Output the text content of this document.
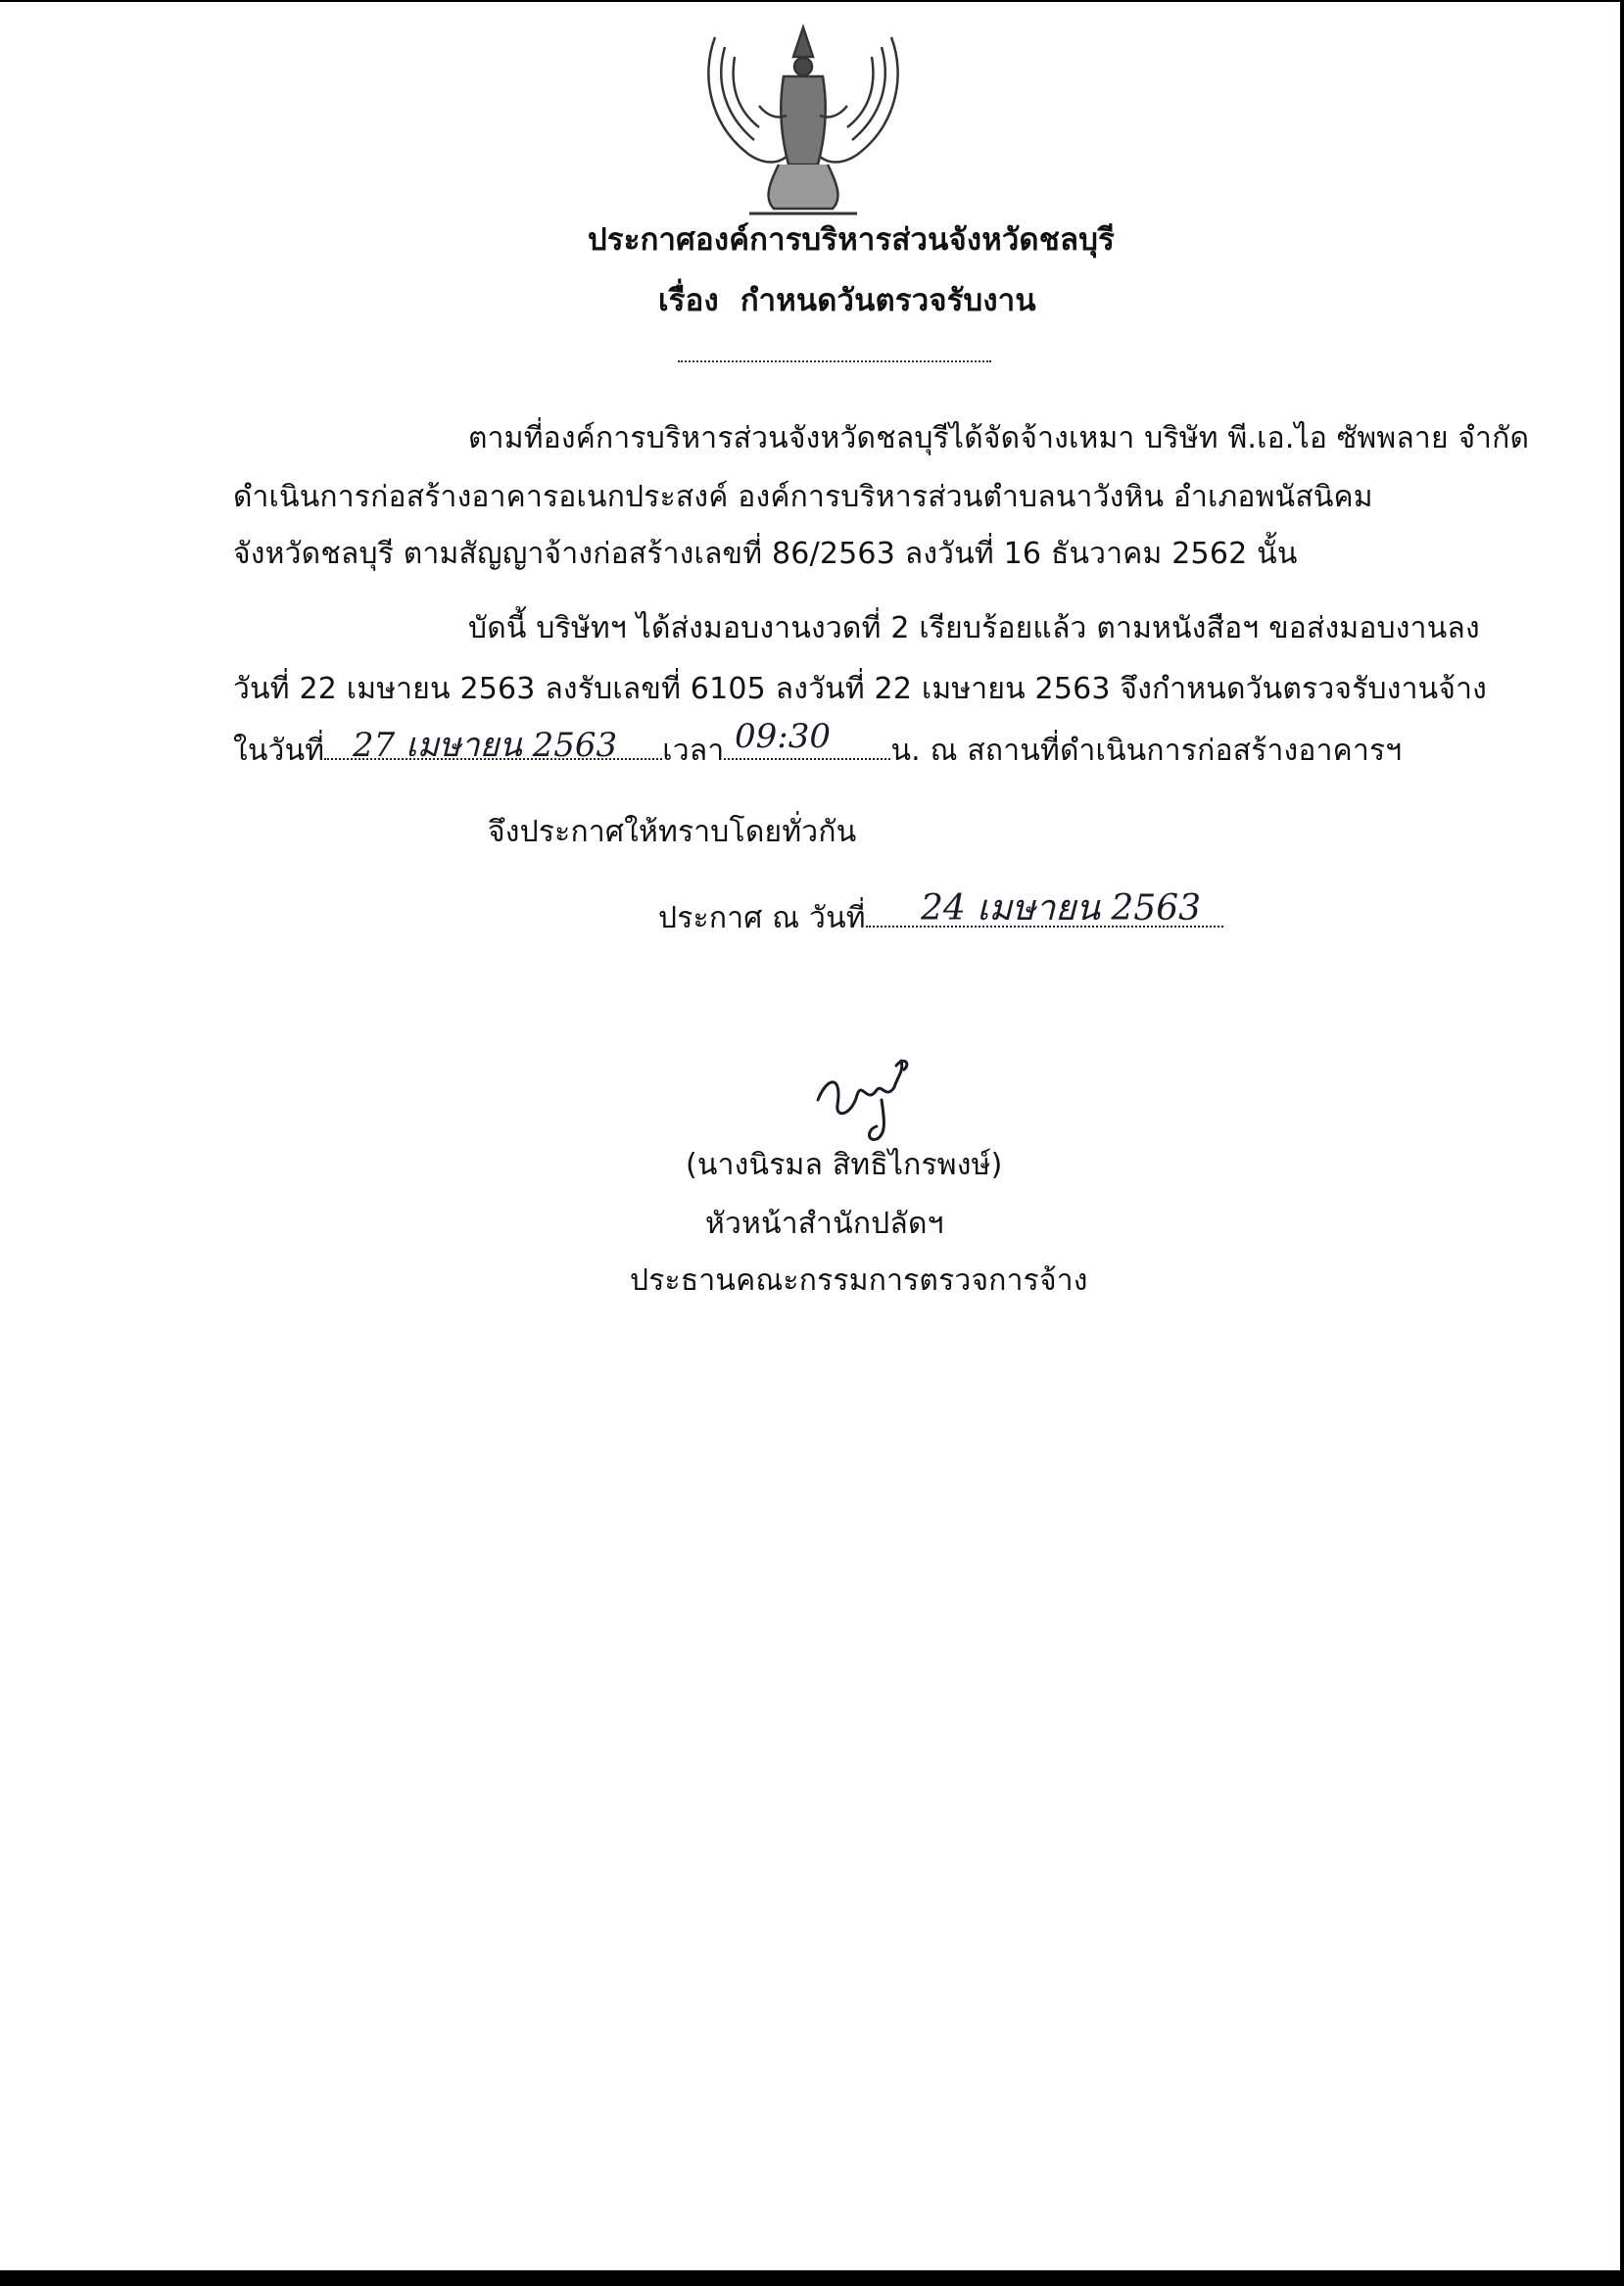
ประกาศองค์การบริหารส่วนจังหวัดชลบุรี
เรื่อง กำหนดวันตรวจรับงาน
ตามที่องค์การบริหารส่วนจังหวัดชลบุรีได้จัดจ้างเหมา บริษัท พี.เอ.ไอ ซัพพลาย จำกัด
ดำเนินการก่อสร้างอาคารอเนกประสงค์ องค์การบริหารส่วนตำบลนาวังหิน อำเภอพนัสนิคม
จังหวัดชลบุรี ตามสัญญาจ้างก่อสร้างเลขที่ 86/2563 ลงวันที่ 16 ธันวาคม 2562 นั้น
บัดนี้ บริษัทฯ ได้ส่งมอบงานงวดที่ 2 เรียบร้อยแล้ว ตามหนังสือฯ ขอส่งมอบงานลง
วันที่ 22 เมษายน 2563 ลงรับเลขที่ 6105 ลงวันที่ 22 เมษายน 2563 จึงกำหนดวันตรวจรับงานจ้าง
ในวันที่	เวลา	น. ณ สถานที่ดำเนินการก่อสร้างอาคารฯ
27 เมษายน 2563	09:30
จึงประกาศให้ทราบโดยทั่วกัน
ประกาศ ณ วันที่	24 เมษายน 2563
(นางนิรมล สิทธิไกรพงษ์)
หัวหน้าสำนักปลัดฯ
ประธานคณะกรรมการตรวจการจ้าง
